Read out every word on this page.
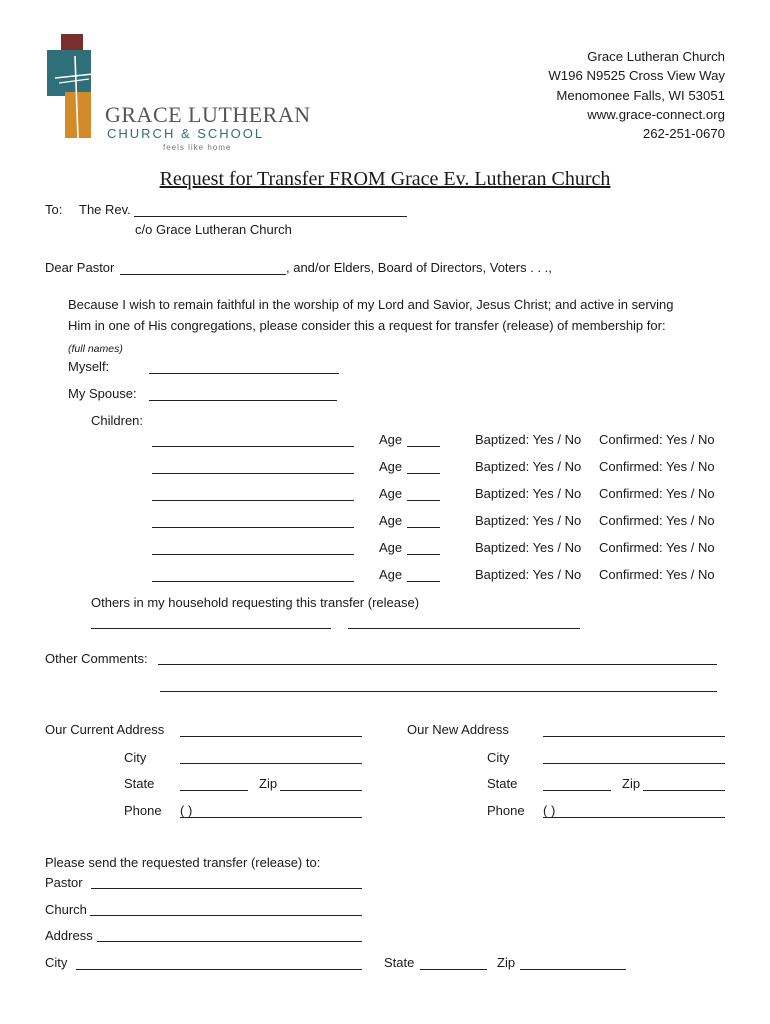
GRACE LUTHERAN
CHURCH & SCHOOL
feels like home
Grace Lutheran Church
W196 N9525 Cross View Way
Menomonee Falls, WI 53051
www.grace-connect.org
262-251-0670
Request for Transfer FROM Grace Ev. Lutheran Church
To: The Rev.
c/o Grace Lutheran Church
Dear Pastor	, and/or Elders, Board of Directors, Voters . . .,
Because I wish to remain faithful in the worship of my Lord and Savior, Jesus Christ; and active in serving
Him in one of His congregations, please consider this a request for transfer (release) of membership for:
(full names)
Myself:
My Spouse:
Children:
Age	Baptized: Yes / No Confirmed: Yes / No
Age	Baptized: Yes / No Confirmed: Yes / No
Age	Baptized: Yes / No Confirmed: Yes / No
Age	Baptized: Yes / No Confirmed: Yes / No
Age	Baptized: Yes / No Confirmed: Yes / No
Age	Baptized: Yes / No Confirmed: Yes / No
Others in my household requesting this transfer (release)
Other Comments:
Our Current Address
City
State	Zip
Phone ( )
Our New Address
City
State	Zip
Phone ( )
Please send the requested transfer (release) to:
Pastor
Church
Address
City	State	Zip
